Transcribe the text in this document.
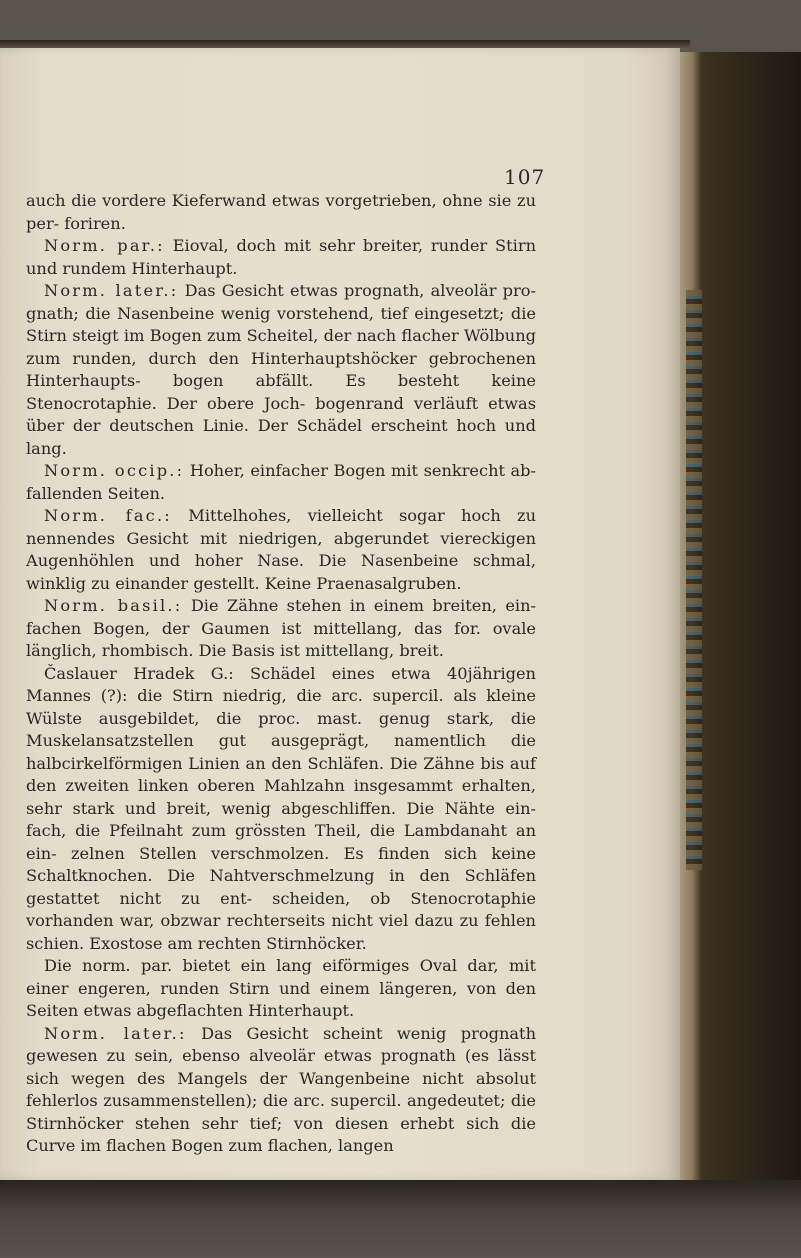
107

auch die vordere Kieferwand etwas vorgetrieben, ohne sie zu per- foriren.

Norm. par.: Eioval, doch mit sehr breiter, runder Stirn und rundem Hinterhaupt.

Norm. later.: Das Gesicht etwas prognath, alveolär pro- gnath; die Nasenbeine wenig vorstehend, tief eingesetzt; die Stirn steigt im Bogen zum Scheitel, der nach flacher Wölbung zum runden, durch den Hinterhauptshöcker gebrochenen Hinterhaupts- bogen abfällt. Es besteht keine Stenocrotaphie. Der obere Joch- bogenrand verläuft etwas über der deutschen Linie. Der Schädel erscheint hoch und lang.

Norm. occip.: Hoher, einfacher Bogen mit senkrecht ab- fallenden Seiten.

Norm. fac.: Mittelhohes, vielleicht sogar hoch zu nennendes Gesicht mit niedrigen, abgerundet viereckigen Augenhöhlen und hoher Nase. Die Nasenbeine schmal, winklig zu einander gestellt. Keine Praenasalgruben.

Norm. basil.: Die Zähne stehen in einem breiten, ein- fachen Bogen, der Gaumen ist mittellang, das for. ovale länglich, rhombisch. Die Basis ist mittellang, breit.

Časlauer Hradek G.: Schädel eines etwa 40jährigen Mannes (?): die Stirn niedrig, die arc. supercil. als kleine Wülste ausgebildet, die proc. mast. genug stark, die Muskelansatzstellen gut ausgeprägt, namentlich die halbcirkelförmigen Linien an den Schläfen. Die Zähne bis auf den zweiten linken oberen Mahlzahn insgesammt erhalten, sehr stark und breit, wenig abgeschliffen. Die Nähte ein- fach, die Pfeilnaht zum grössten Theil, die Lambdanaht an ein- zelnen Stellen verschmolzen. Es finden sich keine Schaltknochen. Die Nahtverschmelzung in den Schläfen gestattet nicht zu ent- scheiden, ob Stenocrotaphie vorhanden war, obzwar rechterseits nicht viel dazu zu fehlen schien. Exostose am rechten Stirnhöcker.

Die norm. par. bietet ein lang eiförmiges Oval dar, mit einer engeren, runden Stirn und einem längeren, von den Seiten etwas abgeflachten Hinterhaupt.

Norm. later.: Das Gesicht scheint wenig prognath gewesen zu sein, ebenso alveolär etwas prognath (es lässt sich wegen des Mangels der Wangenbeine nicht absolut fehlerlos zusammenstellen); die arc. supercil. angedeutet; die Stirnhöcker stehen sehr tief; von diesen erhebt sich die Curve im flachen Bogen zum flachen, langen
